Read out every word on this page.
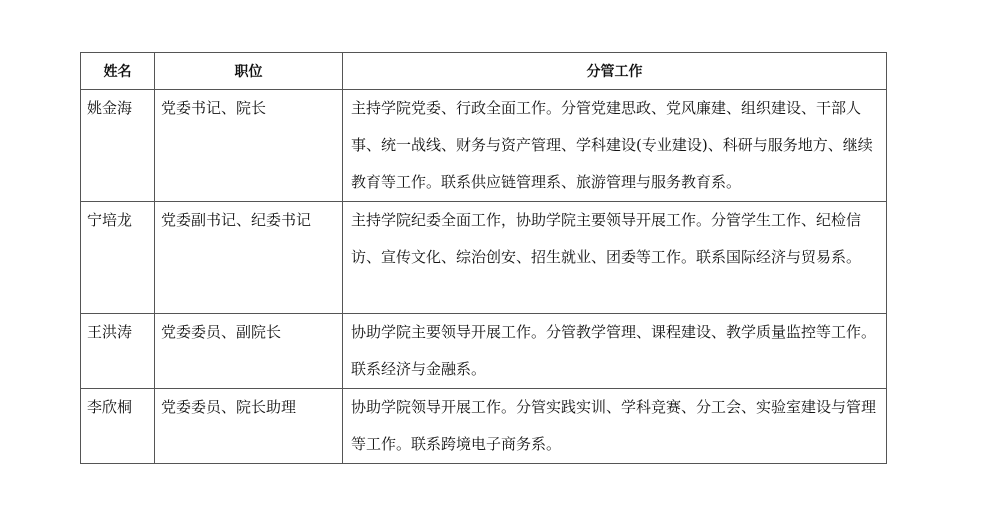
姓名	职位	分管工作
姚金海	党委书记、院长	主持学院党委、行政全面工作。分管党建思政、党风廉建、组织建设、干部人事、统一战线、财务与资产管理、学科建设(专业建设)、科研与服务地方、继续教育等工作。联系供应链管理系、旅游管理与服务教育系。
宁培龙	党委副书记、纪委书记	主持学院纪委全面工作，协助学院主要领导开展工作。分管学生工作、纪检信访、宣传文化、综治创安、招生就业、团委等工作。联系国际经济与贸易系。
王洪涛	党委委员、副院长	协助学院主要领导开展工作。分管教学管理、课程建设、教学质量监控等工作。联系经济与金融系。
李欣桐	党委委员、院长助理	协助学院领导开展工作。分管实践实训、学科竞赛、分工会、实验室建设与管理等工作。联系跨境电子商务系。
